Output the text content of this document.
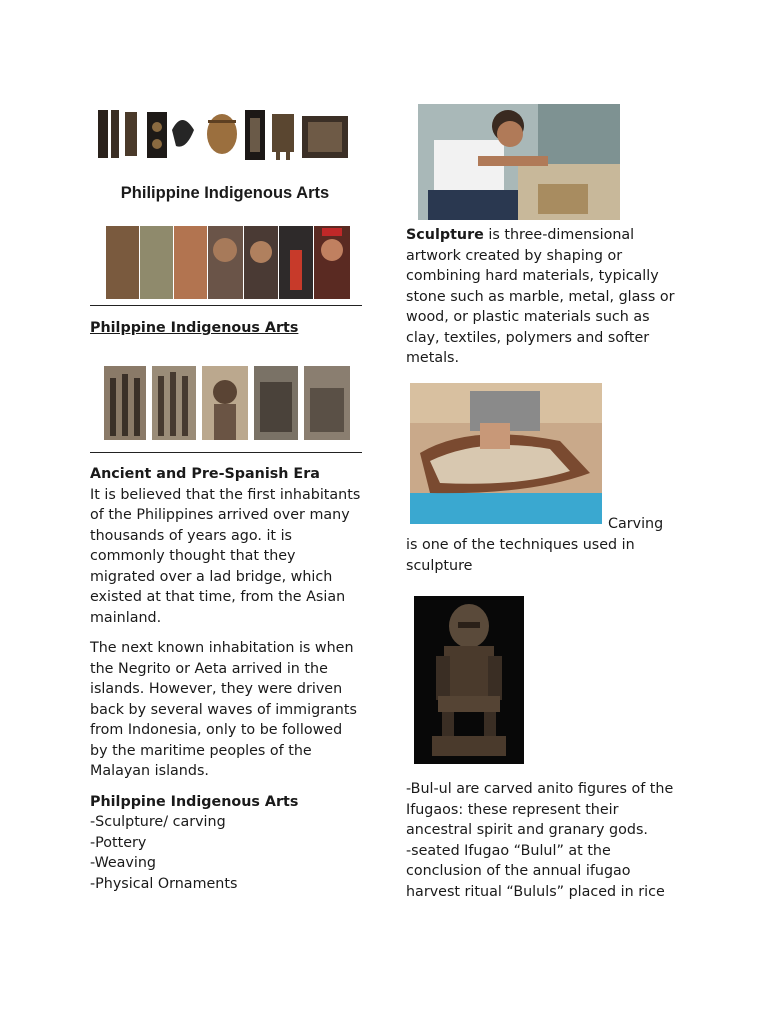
Philippine Indigenous Arts
Philppine Indigenous Arts
Ancient and Pre-Spanish Era
It is believed that the first inhabitants
of the Philippines arrived over many
thousands of years ago. it is
commonly thought that they
migrated over a lad bridge, which
existed at that time, from the Asian
mainland.
The next known inhabitation is when
the Negrito or Aeta arrived in the
islands. However, they were driven
back by several waves of immigrants
from Indonesia, only to be followed
by the maritime peoples of the
Malayan islands.
Philppine Indigenous Arts
-Sculpture/ carving
-Pottery
-Weaving
-Physical Ornaments
Sculpture is three-dimensional
artwork created by shaping or
combining hard materials, typically
stone such as marble, metal, glass or
wood, or plastic materials such as
clay, textiles, polymers and softer
metals.
Carving
is one of the techniques used in
sculpture
-Bul-ul are carved anito figures of the
Ifugaos: these represent their
ancestral spirit and granary gods.
-seated Ifugao “Bulul” at the
conclusion of the annual ifugao
harvest ritual “Bululs” placed in rice
